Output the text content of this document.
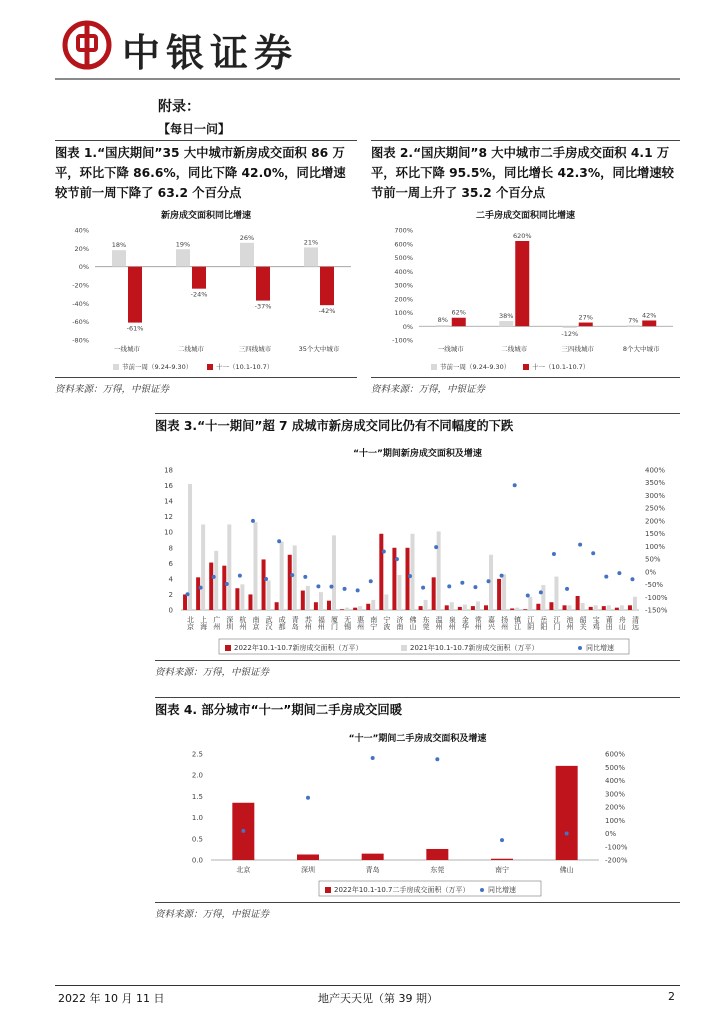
中银证券
附录：
【每日一问】
图表 1.“国庆期间”35 大中城市新房成交面积 86 万平，环比下降 86.6%，同比下降 42.0%，同比增速较节前一周下降了 63.2 个百分点
新房成交面积同比增速
40%
20%
0%
-20%
-40%
-60%
-80%
18%	19%
26%
21%
-61%
-24%
-37%
-42%
一线城市	二线城市	三四线城市	35个大中城市
节前一周（9.24-9.30）	十一（10.1-10.7）
资料来源：万得，中银证券
图表 2.“国庆期间”8 大中城市二手房成交面积 4.1 万平，环比下降 95.5%，同比增长 42.3%，同比增速较节前一周上升了 35.2 个百分点
二手房成交面积同比增速
700%
600%
500%
400%
300%
200%
100%
0%
-100%
8%
38%
-12%
7%
62%
620%
27%	42%
一线城市	二线城市	三四线城市	8个大中城市
节前一周（9.24-9.30）	十一（10.1-10.7）
资料来源：万得，中银证券
图表 3.“十一期间”超 7 成城市新房成交同比仍有不同幅度的下跌
“十一”期间新房成交面积及增速
18
16
14
12
10
8
6
4
2
0
400%
350%
300%
250%
200%
150%
100%
50%
0%
-50%
-100%
-150%
北京 上海 广州 深圳 杭州 南京 武汉 成都 青岛 苏州 福州 厦门 无锡 惠州 南宁 宁波 济南 佛山 东莞 温州 泉州 金华 常州 嘉兴 扬州 镇江 江阴 岳阳 江门 池州 韶关 宝鸡 莆田 舟山 清远
2022年10.1-10.7新房成交面积（万平）	2021年10.1-10.7新房成交面积（万平）	同比增速
资料来源：万得，中银证券
图表 4. 部分城市“十一”期间二手房成交回暖
“十一”期间二手房成交面积及增速
2.5
2.0
1.5
1.0
0.5
0.0
600%
500%
400%
300%
200%
100%
0%
-100%
-200%
北京	深圳	青岛	东莞	南宁	佛山
2022年10.1-10.7二手房成交面积（万平）	同比增速
资料来源：万得，中银证券
2022 年 10 月 11 日	地产天天见（第 39 期）	2
